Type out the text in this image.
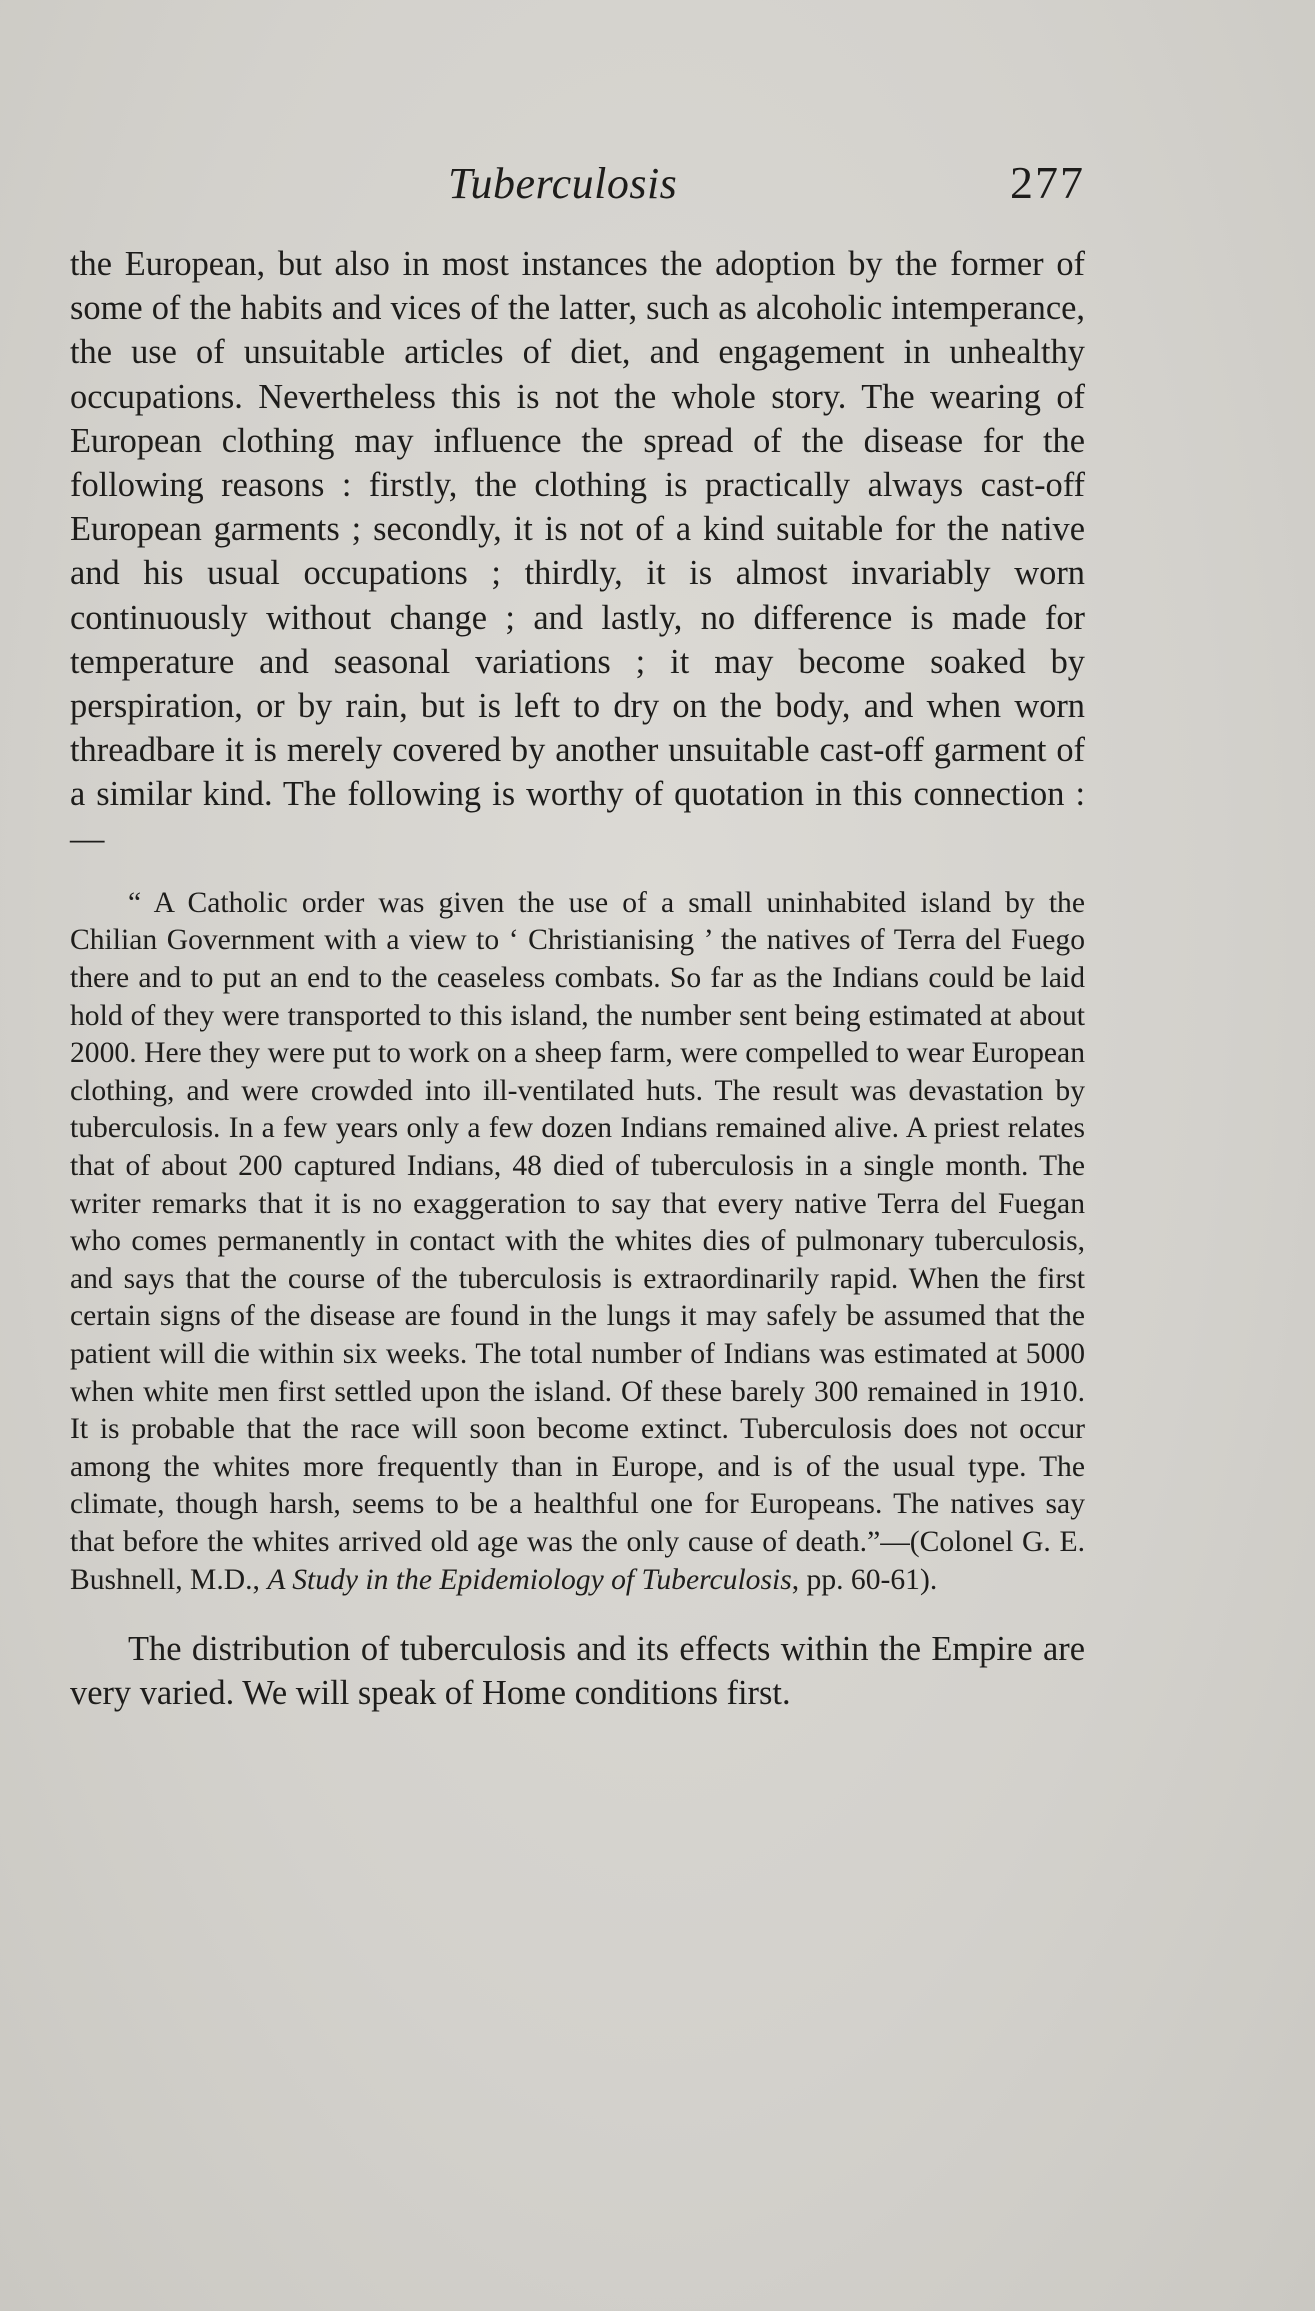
Tuberculosis	277

the European, but also in most instances the adoption by the former of some of the habits and vices of the latter, such as alcoholic intemperance, the use of unsuitable articles of diet, and engagement in unhealthy occupations. Nevertheless this is not the whole story. The wearing of European clothing may influence the spread of the disease for the following reasons : firstly, the clothing is practically always cast-off European garments ; secondly, it is not of a kind suitable for the native and his usual occupations ; thirdly, it is almost invariably worn continuously without change ; and lastly, no difference is made for temperature and seasonal variations ; it may become soaked by perspiration, or by rain, but is left to dry on the body, and when worn threadbare it is merely covered by another unsuitable cast-off garment of a similar kind. The following is worthy of quotation in this connection :—

“ A Catholic order was given the use of a small uninhabited island by the Chilian Government with a view to ‘ Christianising ’ the natives of Terra del Fuego there and to put an end to the ceaseless combats. So far as the Indians could be laid hold of they were transported to this island, the number sent being estimated at about 2000. Here they were put to work on a sheep farm, were compelled to wear European clothing, and were crowded into ill-ventilated huts. The result was devastation by tuberculosis. In a few years only a few dozen Indians remained alive. A priest relates that of about 200 captured Indians, 48 died of tuberculosis in a single month. The writer remarks that it is no exaggeration to say that every native Terra del Fuegan who comes permanently in contact with the whites dies of pulmonary tuberculosis, and says that the course of the tuberculosis is extraordinarily rapid. When the first certain signs of the disease are found in the lungs it may safely be assumed that the patient will die within six weeks. The total number of Indians was estimated at 5000 when white men first settled upon the island. Of these barely 300 remained in 1910. It is probable that the race will soon become extinct. Tuberculosis does not occur among the whites more frequently than in Europe, and is of the usual type. The climate, though harsh, seems to be a healthful one for Europeans. The natives say that before the whites arrived old age was the only cause of death.”—(Colonel G. E. Bushnell, M.D., A Study in the Epidemiology of Tuberculosis, pp. 60-61).

The distribution of tuberculosis and its effects within the Empire are very varied. We will speak of Home conditions first.
